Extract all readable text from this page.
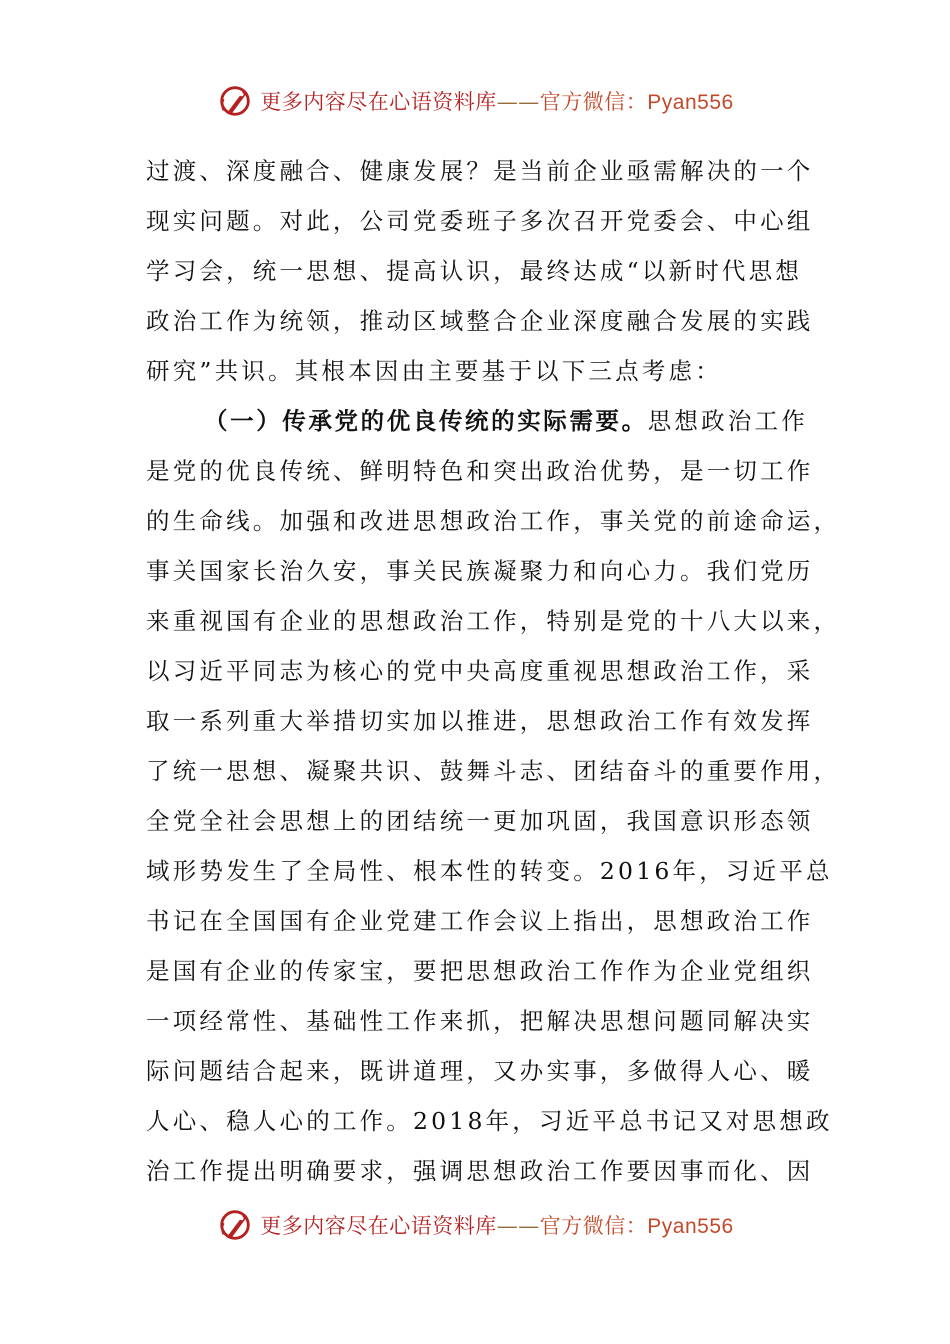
更多内容尽在心语资料库——官方微信：Pyan556
过渡、深度融合、健康发展？是当前企业亟需解决的一个
现实问题。对此，公司党委班子多次召开党委会、中心组
学习会，统一思想、提高认识，最终达成“以新时代思想
政治工作为统领，推动区域整合企业深度融合发展的实践
研究”共识。其根本因由主要基于以下三点考虑：
（一）传承党的优良传统的实际需要。思想政治工作
是党的优良传统、鲜明特色和突出政治优势，是一切工作
的生命线。加强和改进思想政治工作，事关党的前途命运，
事关国家长治久安，事关民族凝聚力和向心力。我们党历
来重视国有企业的思想政治工作，特别是党的十八大以来，
以习近平同志为核心的党中央高度重视思想政治工作，采
取一系列重大举措切实加以推进，思想政治工作有效发挥
了统一思想、凝聚共识、鼓舞斗志、团结奋斗的重要作用，
全党全社会思想上的团结统一更加巩固，我国意识形态领
域形势发生了全局性、根本性的转变。2016年，习近平总
书记在全国国有企业党建工作会议上指出，思想政治工作
是国有企业的传家宝，要把思想政治工作作为企业党组织
一项经常性、基础性工作来抓，把解决思想问题同解决实
际问题结合起来，既讲道理，又办实事，多做得人心、暖
人心、稳人心的工作。2018年，习近平总书记又对思想政
治工作提出明确要求，强调思想政治工作要因事而化、因
更多内容尽在心语资料库——官方微信：Pyan556
